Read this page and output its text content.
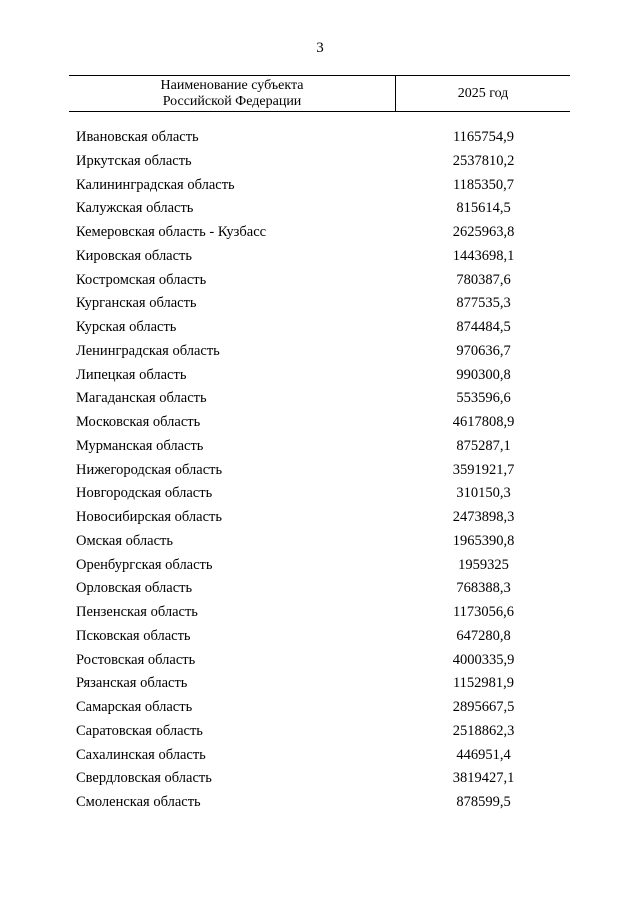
3
Наименование субъекта
Российской Федерации
2025 год
Ивановская область	1165754,9
Иркутская область	2537810,2
Калининградская область	1185350,7
Калужская область	815614,5
Кемеровская область - Кузбасс	2625963,8
Кировская область	1443698,1
Костромская область	780387,6
Курганская область	877535,3
Курская область	874484,5
Ленинградская область	970636,7
Липецкая область	990300,8
Магаданская область	553596,6
Московская область	4617808,9
Мурманская область	875287,1
Нижегородская область	3591921,7
Новгородская область	310150,3
Новосибирская область	2473898,3
Омская область	1965390,8
Оренбургская область	1959325
Орловская область	768388,3
Пензенская область	1173056,6
Псковская область	647280,8
Ростовская область	4000335,9
Рязанская область	1152981,9
Самарская область	2895667,5
Саратовская область	2518862,3
Сахалинская область	446951,4
Свердловская область	3819427,1
Смоленская область	878599,5
